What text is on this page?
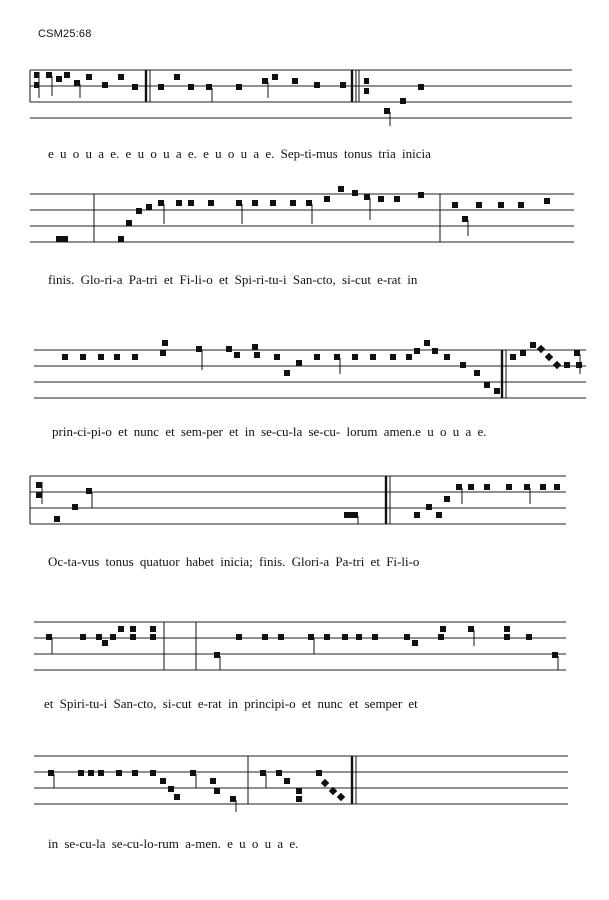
CSM25:68
e u o u a e. e u o u a e. e u o u a e. Sep-ti-mus tonus tria inicia
finis. Glo-ri-a Pa-tri et Fi-li-o et Spi-ri-tu-i San-cto, si-cut e-rat in
prin-ci-pi-o et nunc et sem-per et in se-cu-la se-cu- lorum amen.e u o u a e.
Oc-ta-vus tonus quatuor habet inicia; finis. Glori-a Pa-tri et Fi-li-o
et Spiri-tu-i San-cto, si-cut e-rat in principi-o et nunc et semper et
in se-cu-la se-cu-lo-rum a-men. e u o u a e.
